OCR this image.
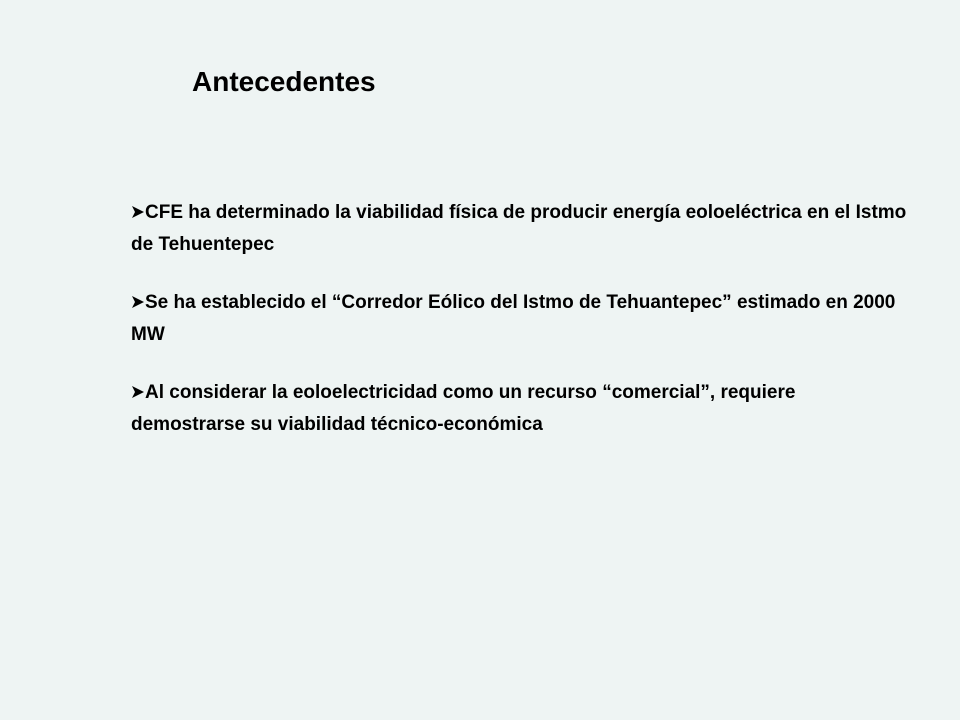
Antecedentes
CFE ha determinado la viabilidad física de producir energía eoloeléctrica en el Istmo de Tehuentepec
Se ha establecido el “Corredor Eólico del Istmo de Tehuantepec” estimado en 2000 MW
Al considerar la eoloelectricidad como un recurso “comercial”, requiere demostrarse su viabilidad técnico-económica
